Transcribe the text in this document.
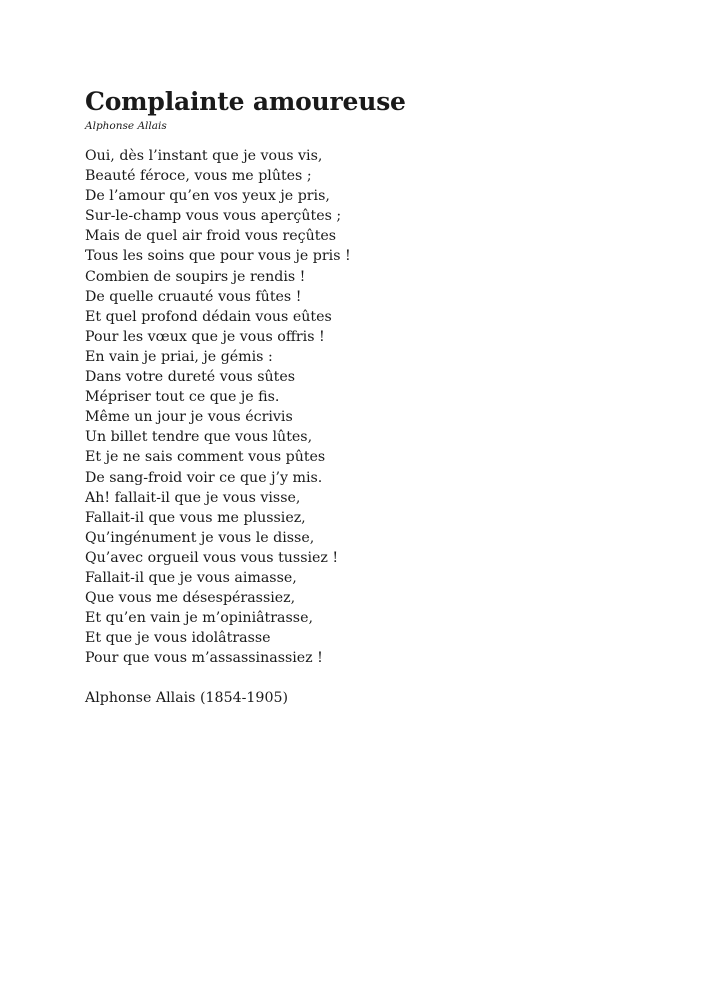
Complainte amoureuse
Alphonse Allais
Oui, dès l’instant que je vous vis,
Beauté féroce, vous me plûtes ;
De l’amour qu’en vos yeux je pris,
Sur-le-champ vous vous aperçûtes ;
Mais de quel air froid vous reçûtes
Tous les soins que pour vous je pris !
Combien de soupirs je rendis !
De quelle cruauté vous fûtes !
Et quel profond dédain vous eûtes
Pour les vœux que je vous offris !
En vain je priai, je gémis :
Dans votre dureté vous sûtes
Mépriser tout ce que je fis.
Même un jour je vous écrivis
Un billet tendre que vous lûtes,
Et je ne sais comment vous pûtes
De sang-froid voir ce que j’y mis.
Ah! fallait-il que je vous visse,
Fallait-il que vous me plussiez,
Qu’ingénument je vous le disse,
Qu’avec orgueil vous vous tussiez !
Fallait-il que je vous aimasse,
Que vous me désespérassiez,
Et qu’en vain je m’opiniâtrasse,
Et que je vous idolâtrasse
Pour que vous m’assassinassiez !
Alphonse Allais (1854-1905)
